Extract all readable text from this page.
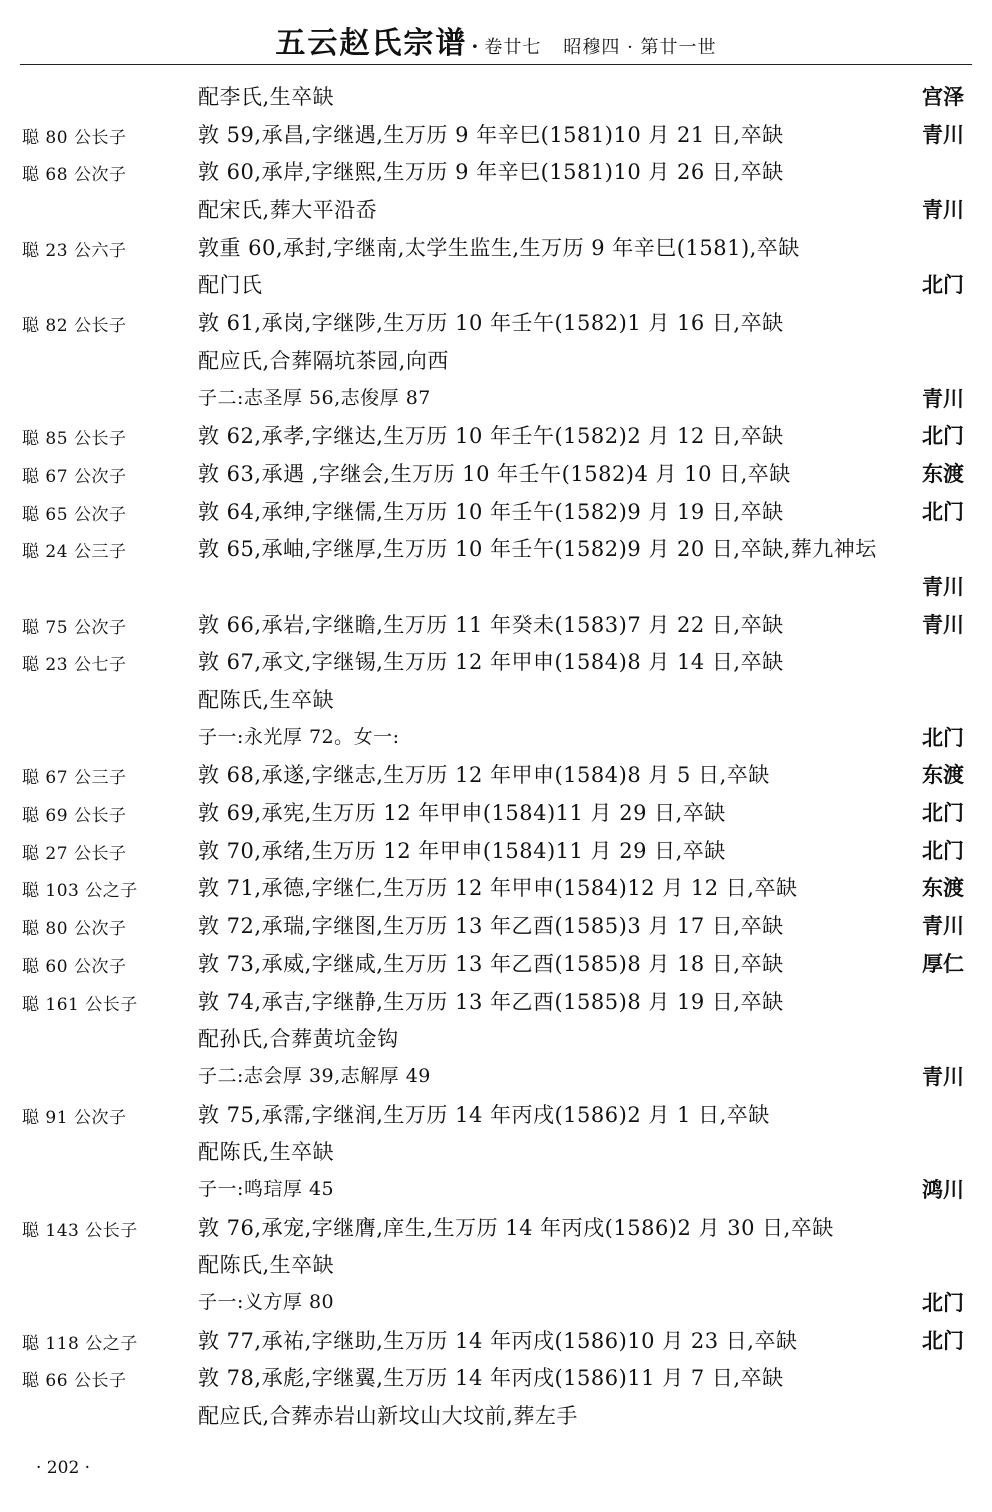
五云赵氏宗谱 · 卷廿七 昭穆四 · 第廿一世
配李氏,生卒缺	宫泽
聪 80 公长子	敦 59,承昌,字继遇,生万历 9 年辛巳(1581)10 月 21 日,卒缺	青川
聪 68 公次子	敦 60,承岸,字继熙,生万历 9 年辛巳(1581)10 月 26 日,卒缺
配宋氏,葬大平沿岙	青川
聪 23 公六子	敦重 60,承封,字继南,太学生监生,生万历 9 年辛巳(1581),卒缺
配门氏	北门
聪 82 公长子	敦 61,承岗,字继陟,生万历 10 年壬午(1582)1 月 16 日,卒缺
配应氏,合葬隔坑茶园,向西
子二:志圣厚 56,志俊厚 87	青川
聪 85 公长子	敦 62,承孝,字继达,生万历 10 年壬午(1582)2 月 12 日,卒缺	北门
聪 67 公次子	敦 63,承遇 ,字继会,生万历 10 年壬午(1582)4 月 10 日,卒缺	东渡
聪 65 公次子	敦 64,承绅,字继儒,生万历 10 年壬午(1582)9 月 19 日,卒缺	北门
聪 24 公三子	敦 65,承岫,字继厚,生万历 10 年壬午(1582)9 月 20 日,卒缺,葬九神坛
青川
聪 75 公次子	敦 66,承岩,字继瞻,生万历 11 年癸未(1583)7 月 22 日,卒缺	青川
聪 23 公七子	敦 67,承文,字继锡,生万历 12 年甲申(1584)8 月 14 日,卒缺
配陈氏,生卒缺
子一:永光厚 72。女一:	北门
聪 67 公三子	敦 68,承遂,字继志,生万历 12 年甲申(1584)8 月 5 日,卒缺	东渡
聪 69 公长子	敦 69,承宪,生万历 12 年甲申(1584)11 月 29 日,卒缺	北门
聪 27 公长子	敦 70,承绪,生万历 12 年甲申(1584)11 月 29 日,卒缺	北门
聪 103 公之子	敦 71,承德,字继仁,生万历 12 年甲申(1584)12 月 12 日,卒缺	东渡
聪 80 公次子	敦 72,承瑞,字继图,生万历 13 年乙酉(1585)3 月 17 日,卒缺	青川
聪 60 公次子	敦 73,承威,字继咸,生万历 13 年乙酉(1585)8 月 18 日,卒缺	厚仁
聪 161 公长子	敦 74,承吉,字继静,生万历 13 年乙酉(1585)8 月 19 日,卒缺
配孙氏,合葬黄坑金钩
子二:志会厚 39,志解厚 49	青川
聪 91 公次子	敦 75,承霈,字继润,生万历 14 年丙戌(1586)2 月 1 日,卒缺
配陈氏,生卒缺
子一:鸣琂厚 45	鸿川
聪 143 公长子	敦 76,承宠,字继膺,庠生,生万历 14 年丙戌(1586)2 月 30 日,卒缺
配陈氏,生卒缺
子一:义方厚 80	北门
聪 118 公之子	敦 77,承祐,字继助,生万历 14 年丙戌(1586)10 月 23 日,卒缺	北门
聪 66 公长子	敦 78,承彪,字继翼,生万历 14 年丙戌(1586)11 月 7 日,卒缺
配应氏,合葬赤岩山新坟山大坟前,葬左手
· 202 ·
